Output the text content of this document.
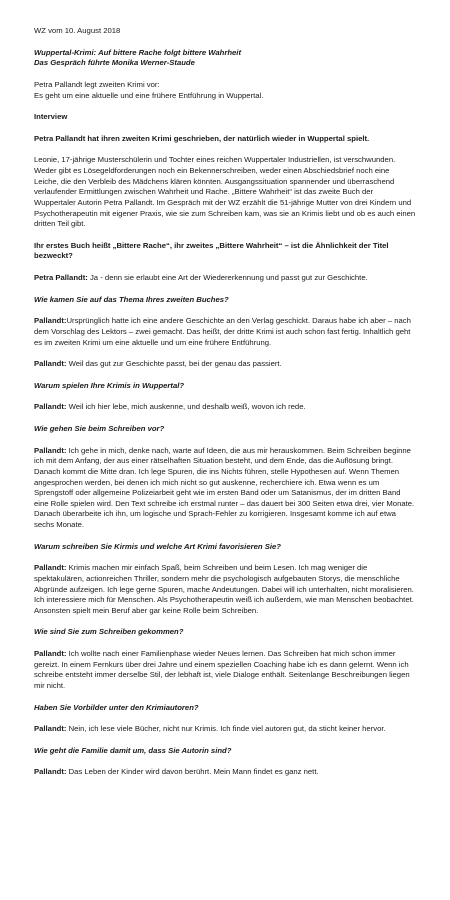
WZ vom 10. August 2018

Wuppertal-Krimi: Auf bittere Rache folgt bittere Wahrheit

Das Gespräch führte Monika Werner-Staude

Petra Pallandt legt zweiten Krimi vor:

Es geht um eine aktuelle und eine frühere Entführung in Wuppertal.

Interview

Petra Pallandt hat ihren zweiten Krimi geschrieben, der natürlich wieder in Wuppertal spielt.

Leonie, 17-jährige Musterschülerin und Tochter eines reichen Wuppertaler Industriellen, ist verschwunden. Weder gibt es Lösegeldforderungen noch ein Bekennerschreiben, weder einen Abschiedsbrief noch eine Leiche, die den Verbleib des Mädchens klären könnten. Ausgangssituation spannender und überraschend verlaufender Ermittlungen zwischen Wahrheit und Rache. „Bittere Wahrheit“ ist das zweite Buch der Wuppertaler Autorin Petra Pallandt. Im Gespräch mit der WZ erzählt die 51-jährige Mutter von drei Kindern und Psychotherapeutin mit eigener Praxis, wie sie zum Schreiben kam, was sie an Krimis liebt und ob es auch einen dritten Teil gibt.

Ihr erstes Buch heißt „Bittere Rache“, ihr zweites „Bittere Wahrheit“ – ist die Ähnlichkeit der Titel bezweckt?

Petra Pallandt: Ja - denn sie erlaubt eine Art der Wiedererkennung und passt gut zur Geschichte.

Wie kamen Sie auf das Thema Ihres zweiten Buches?

Pallandt:Ursprünglich hatte ich eine andere Geschichte an den Verlag geschickt. Daraus habe ich aber – nach dem Vorschlag des Lektors – zwei gemacht. Das heißt, der dritte Krimi ist auch schon fast fertig. Inhaltlich geht es im zweiten Krimi um eine aktuelle und um eine frühere Entführung.

Pallandt: Weil das gut zur Geschichte passt, bei der genau das passiert.

Warum spielen Ihre Krimis in Wuppertal?

Pallandt: Weil ich hier lebe, mich auskenne, und deshalb weiß, wovon ich rede.

Wie gehen Sie beim Schreiben vor?

Pallandt: Ich gehe in mich, denke nach, warte auf Ideen, die aus mir herauskommen. Beim Schreiben beginne ich mit dem Anfang, der aus einer rätselhaften Situation besteht, und dem Ende, das die Auflösung bringt. Danach kommt die Mitte dran. Ich lege Spuren, die ins Nichts führen, stelle Hypothesen auf. Wenn Themen angesprochen werden, bei denen ich mich nicht so gut auskenne, recherchiere ich. Etwa wenn es um Sprengstoff oder allgemeine Polizeiarbeit geht wie im ersten Band oder um Satanismus, der im dritten Band eine Rolle spielen wird. Den Text schreibe ich erstmal runter – das dauert bei 300 Seiten etwa drei, vier Monate. Danach überarbeite ich ihn, um logische und Sprach-Fehler zu korrigieren. Insgesamt komme ich auf etwa sechs Monate.

Warum schreiben Sie Kirmis und welche Art Krimi favorisieren Sie?

Pallandt: Krimis machen mir einfach Spaß, beim Schreiben und beim Lesen. Ich mag weniger die spektakulären, actionreichen Thriller, sondern mehr die psychologisch aufgebauten Storys, die menschliche Abgründe aufzeigen. Ich lege gerne Spuren, mache Andeutungen. Dabei will ich unterhalten, nicht moralisieren. Ich interessiere mich für Menschen. Als Psychotherapeutin weiß ich außerdem, wie man Menschen beobachtet. Ansonsten spielt mein Beruf aber gar keine Rolle beim Schreiben.

Wie sind Sie zum Schreiben gekommen?

Pallandt: Ich wollte nach einer Familienphase wieder Neues lernen. Das Schreiben hat mich schon immer gereizt. In einem Fernkurs über drei Jahre und einem speziellen Coaching habe ich es dann gelernt. Wenn ich schreibe entsteht immer derselbe Stil, der lebhaft ist, viele Dialoge enthält. Seitenlange Beschreibungen liegen mir nicht.

Haben Sie Vorbilder unter den Krimiautoren?

Pallandt: Nein, ich lese viele Bücher, nicht nur Krimis. Ich finde viel autoren gut, da sticht keiner hervor.

Wie geht die Familie damit um, dass Sie Autorin sind?

Pallandt: Das Leben der Kinder wird davon berührt. Mein Mann findet es ganz nett.
